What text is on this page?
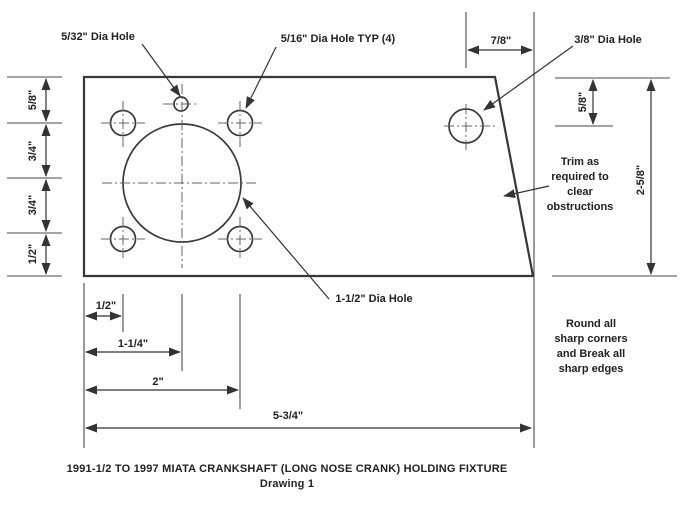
5/32" Dia Hole	5/16" Dia Hole TYP (4)	3/8" Dia Hole
1-1/2" Dia Hole
5/8"
3/4"
3/4"
1/2"
5/8"
2-5/8"
7/8"
1/2"
1-1/4"
2"
5-3/4"
Trim as
required to
clear
obstructions
Round all
sharp corners
and Break all
sharp edges
1991-1/2 TO 1997 MIATA CRANKSHAFT (LONG NOSE CRANK) HOLDING FIXTURE
Drawing 1
